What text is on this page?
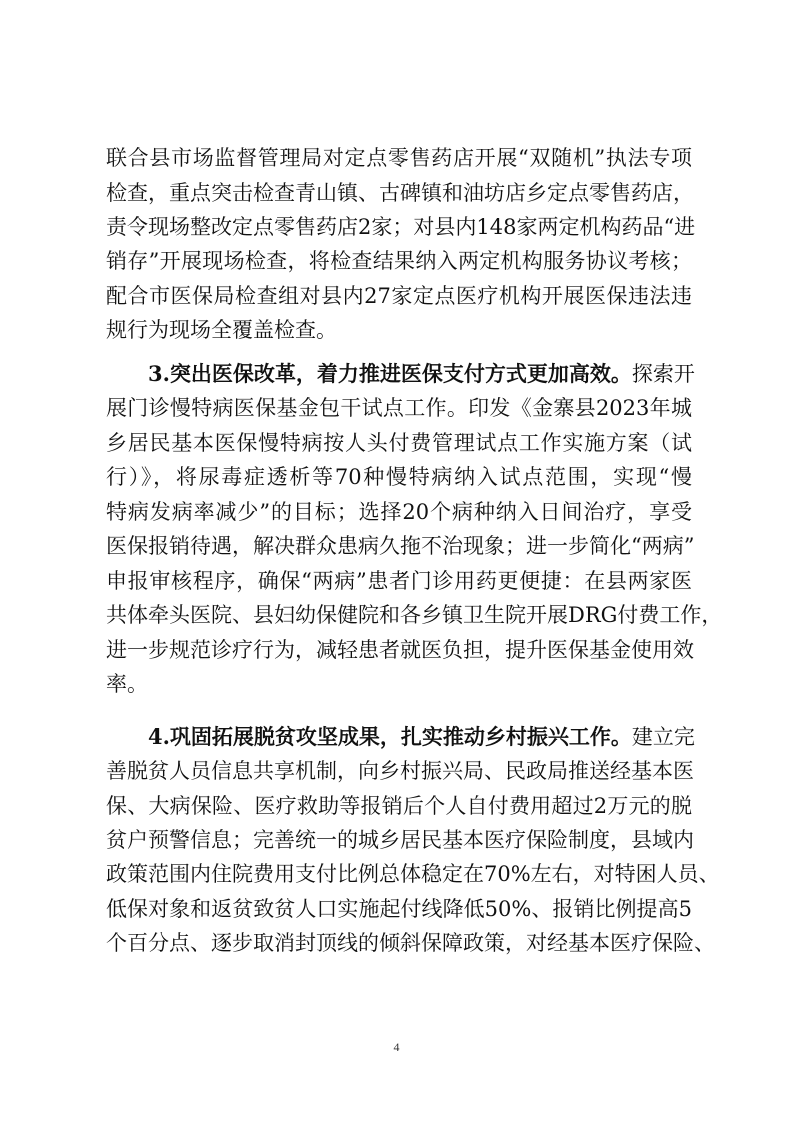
联合县市场监督管理局对定点零售药店开展“双随机”执法专项
检查，重点突击检查青山镇、古碑镇和油坊店乡定点零售药店，
责令现场整改定点零售药店2家；对县内148家两定机构药品“进
销存”开展现场检查，将检查结果纳入两定机构服务协议考核；
配合市医保局检查组对县内27家定点医疗机构开展医保违法违
规行为现场全覆盖检查。
3.突出医保改革，着力推进医保支付方式更加高效。探索开
展门诊慢特病医保基金包干试点工作。印发《金寨县2023年城
乡居民基本医保慢特病按人头付费管理试点工作实施方案（试
行）》，将尿毒症透析等70种慢特病纳入试点范围，实现“慢
特病发病率减少”的目标；选择20个病种纳入日间治疗，享受
医保报销待遇，解决群众患病久拖不治现象；进一步简化“两病”
申报审核程序，确保“两病”患者门诊用药更便捷：在县两家医
共体牵头医院、县妇幼保健院和各乡镇卫生院开展DRG付费工作，
进一步规范诊疗行为，减轻患者就医负担，提升医保基金使用效
率。
4.巩固拓展脱贫攻坚成果，扎实推动乡村振兴工作。建立完
善脱贫人员信息共享机制，向乡村振兴局、民政局推送经基本医
保、大病保险、医疗救助等报销后个人自付费用超过2万元的脱
贫户预警信息；完善统一的城乡居民基本医疗保险制度，县域内
政策范围内住院费用支付比例总体稳定在70%左右，对特困人员、
低保对象和返贫致贫人口实施起付线降低50%、报销比例提高5
个百分点、逐步取消封顶线的倾斜保障政策，对经基本医疗保险、
4
